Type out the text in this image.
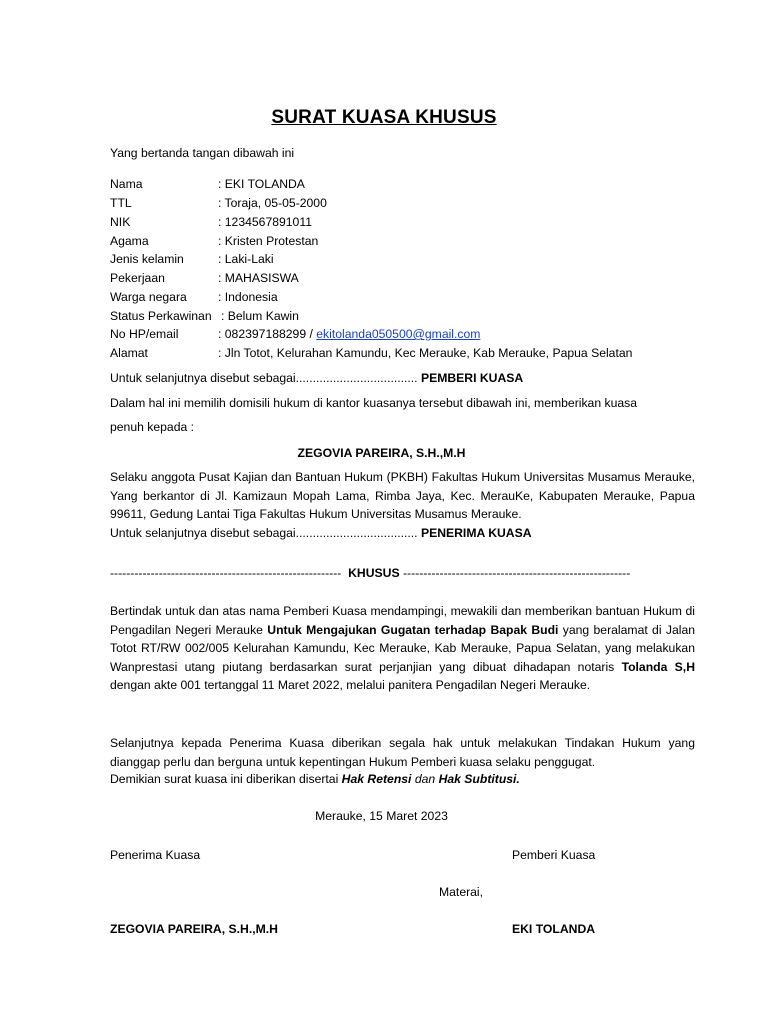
SURAT KUASA KHUSUS
Yang bertanda tangan dibawah ini
Nama	: EKI TOLANDA
TTL	: Toraja, 05-05-2000
NIK	: 1234567891011
Agama	: Kristen Protestan
Jenis kelamin	: Laki-Laki
Pekerjaan	: MAHASISWA
Warga negara	: Indonesia
Status Perkawinan : Belum Kawin
No HP/email	: 082397188299 / ekitolanda050500@gmail.com
Alamat	: Jln Totot, Kelurahan Kamundu, Kec Merauke, Kab Merauke, Papua Selatan
Untuk selanjutnya disebut sebagai.................................... PEMBERI KUASA
Dalam hal ini memilih domisili hukum di kantor kuasanya tersebut dibawah ini, memberikan kuasa
penuh kepada :
ZEGOVIA PAREIRA, S.H.,M.H
Selaku anggota Pusat Kajian dan Bantuan Hukum (PKBH) Fakultas Hukum Universitas Musamus Merauke, Yang berkantor di Jl. Kamizaun Mopah Lama, Rimba Jaya, Kec. MerauKe, Kabupaten Merauke, Papua 99611, Gedung Lantai Tiga Fakultas Hukum Universitas Musamus Merauke.
Untuk selanjutnya disebut sebagai.................................... PENERIMA KUASA
--------------------------------------------------------- KHUSUS --------------------------------------------------------
Bertindak untuk dan atas nama Pemberi Kuasa mendampingi, mewakili dan memberikan bantuan Hukum di Pengadilan Negeri Merauke Untuk Mengajukan Gugatan terhadap Bapak Budi yang beralamat di Jalan Totot RT/RW 002/005 Kelurahan Kamundu, Kec Merauke, Kab Merauke, Papua Selatan, yang melakukan Wanprestasi utang piutang berdasarkan surat perjanjian yang dibuat dihadapan notaris Tolanda S,H dengan akte 001 tertanggal 11 Maret 2022, melalui panitera Pengadilan Negeri Merauke.
Selanjutnya kepada Penerima Kuasa diberikan segala hak untuk melakukan Tindakan Hukum yang dianggap perlu dan berguna untuk kepentingan Hukum Pemberi kuasa selaku penggugat.
Demikian surat kuasa ini diberikan disertai Hak Retensi dan Hak Subtitusi.
Merauke, 15 Maret 2023
Penerima Kuasa	Pemberi Kuasa
Materai,
ZEGOVIA PAREIRA, S.H.,M.H	EKI TOLANDA
